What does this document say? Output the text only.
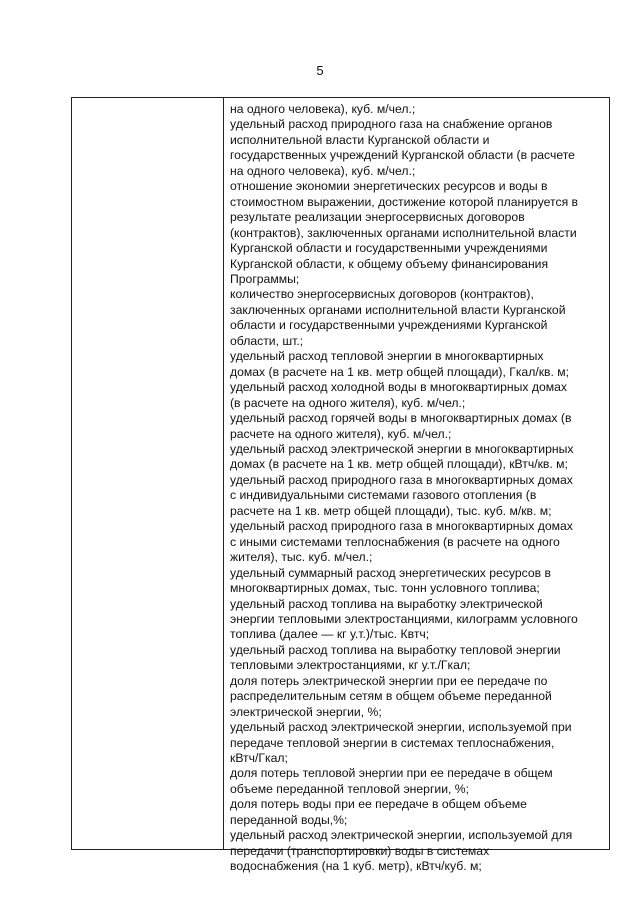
5
на одного человека), куб. м/чел.;
удельный расход природного газа на снабжение органов
исполнительной власти Курганской области и
государственных учреждений Курганской области (в расчете
на одного человека), куб. м/чел.;
отношение экономии энергетических ресурсов и воды в
стоимостном выражении, достижение которой планируется в
результате реализации энергосервисных договоров
(контрактов), заключенных органами исполнительной власти
Курганской области и государственными учреждениями
Курганской области, к общему объему финансирования
Программы;
количество энергосервисных договоров (контрактов),
заключенных органами исполнительной власти Курганской
области и государственными учреждениями Курганской
области, шт.;
удельный расход тепловой энергии в многоквартирных
домах (в расчете на 1 кв. метр общей площади), Гкал/кв. м;
удельный расход холодной воды в многоквартирных домах
(в расчете на одного жителя), куб. м/чел.;
удельный расход горячей воды в многоквартирных домах (в
расчете на одного жителя), куб. м/чел.;
удельный расход электрической энергии в многоквартирных
домах (в расчете на 1 кв. метр общей площади), кВтч/кв. м;
удельный расход природного газа в многоквартирных домах
с индивидуальными системами газового отопления (в
расчете на 1 кв. метр общей площади), тыс. куб. м/кв. м;
удельный расход природного газа в многоквартирных домах
с иными системами теплоснабжения (в расчете на одного
жителя), тыс. куб. м/чел.;
удельный суммарный расход энергетических ресурсов в
многоквартирных домах, тыс. тонн условного топлива;
удельный расход топлива на выработку электрической
энергии тепловыми электростанциями, килограмм условного
топлива (далее — кг у.т.)/тыс. Квтч;
удельный расход топлива на выработку тепловой энергии
тепловыми электростанциями, кг у.т./Гкал;
доля потерь электрической энергии при ее передаче по
распределительным сетям в общем объеме переданной
электрической энергии, %;
удельный расход электрической энергии, используемой при
передаче тепловой энергии в системах теплоснабжения,
кВтч/Гкал;
доля потерь тепловой энергии при ее передаче в общем
объеме переданной тепловой энергии, %;
доля потерь воды при ее передаче в общем объеме
переданной воды,%;
удельный расход электрической энергии, используемой для
передачи (транспортировки) воды в системах
водоснабжения (на 1 куб. метр), кВтч/куб. м;
